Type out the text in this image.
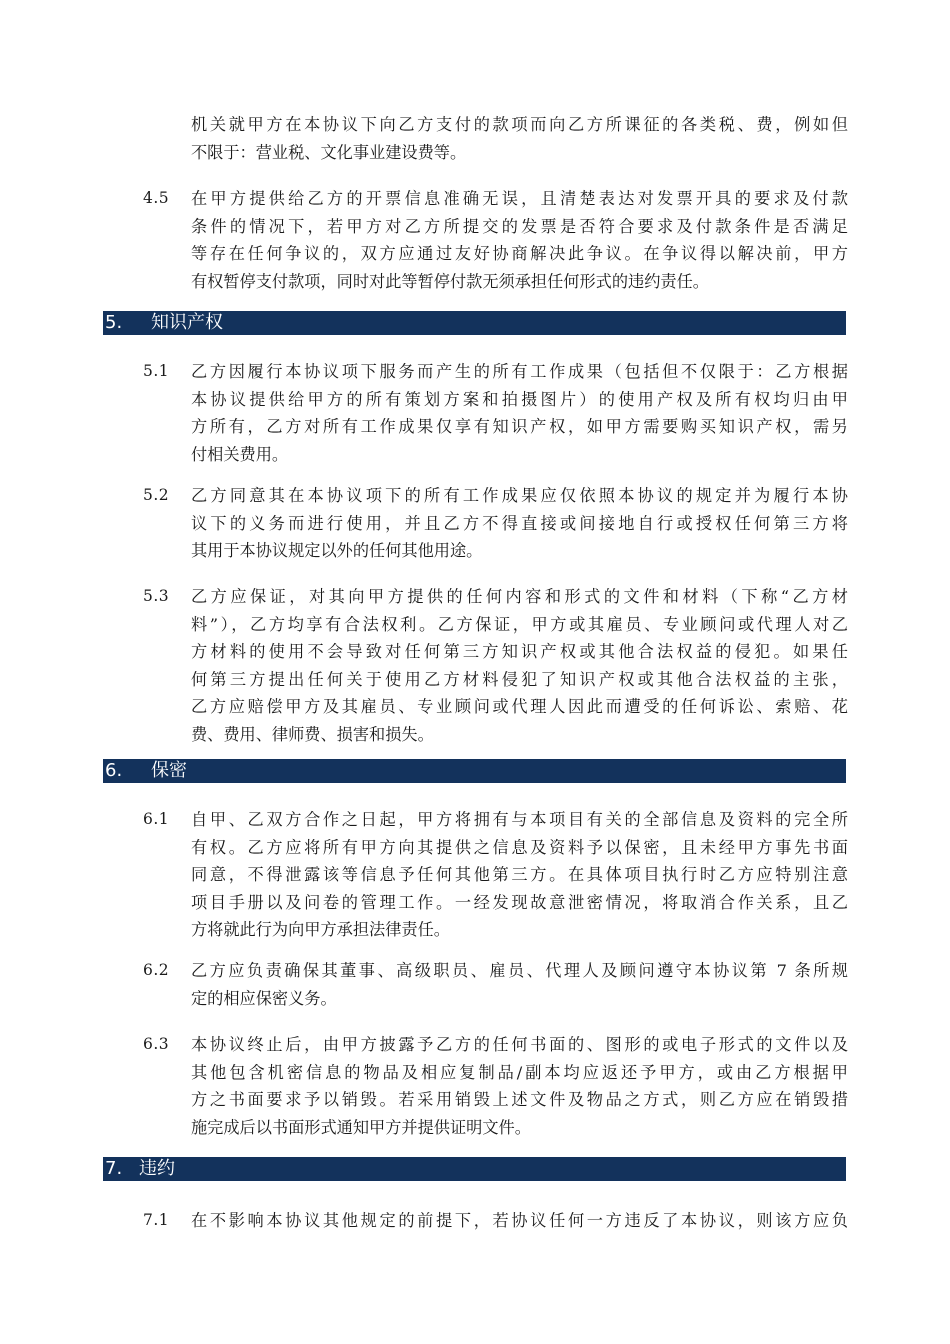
机关就甲方在本协议下向乙方支付的款项而向乙方所课征的各类税、费，例如但
不限于：营业税、文化事业建设费等。
4.5	在甲方提供给乙方的开票信息准确无误，且清楚表达对发票开具的要求及付款
条件的情况下，若甲方对乙方所提交的发票是否符合要求及付款条件是否满足
等存在任何争议的，双方应通过友好协商解决此争议。在争议得以解决前，甲方
有权暂停支付款项，同时对此等暂停付款无须承担任何形式的违约责任。
5. 知识产权
5.1	乙方因履行本协议项下服务而产生的所有工作成果（包括但不仅限于：乙方根据
本协议提供给甲方的所有策划方案和拍摄图片）的使用产权及所有权均归由甲
方所有，乙方对所有工作成果仅享有知识产权，如甲方需要购买知识产权，需另
付相关费用。
5.2	乙方同意其在本协议项下的所有工作成果应仅依照本协议的规定并为履行本协
议下的义务而进行使用，并且乙方不得直接或间接地自行或授权任何第三方将
其用于本协议规定以外的任何其他用途。
5.3	乙方应保证，对其向甲方提供的任何内容和形式的文件和材料（下称“乙方材
料”），乙方均享有合法权利。乙方保证，甲方或其雇员、专业顾问或代理人对乙
方材料的使用不会导致对任何第三方知识产权或其他合法权益的侵犯。如果任
何第三方提出任何关于使用乙方材料侵犯了知识产权或其他合法权益的主张，
乙方应赔偿甲方及其雇员、专业顾问或代理人因此而遭受的任何诉讼、索赔、花
费、费用、律师费、损害和损失。
6. 保密
6.1	自甲、乙双方合作之日起，甲方将拥有与本项目有关的全部信息及资料的完全所
有权。乙方应将所有甲方向其提供之信息及资料予以保密，且未经甲方事先书面
同意，不得泄露该等信息予任何其他第三方。在具体项目执行时乙方应特别注意
项目手册以及问卷的管理工作。一经发现故意泄密情况，将取消合作关系，且乙
方将就此行为向甲方承担法律责任。
6.2	乙方应负责确保其董事、高级职员、雇员、代理人及顾问遵守本协议第 7 条所规
定的相应保密义务。
6.3	本协议终止后，由甲方披露予乙方的任何书面的、图形的或电子形式的文件以及
其他包含机密信息的物品及相应复制品/副本均应返还予甲方，或由乙方根据甲
方之书面要求予以销毁。若采用销毁上述文件及物品之方式，则乙方应在销毁措
施完成后以书面形式通知甲方并提供证明文件。
7. 违约
7.1	在不影响本协议其他规定的前提下，若协议任何一方违反了本协议，则该方应负
